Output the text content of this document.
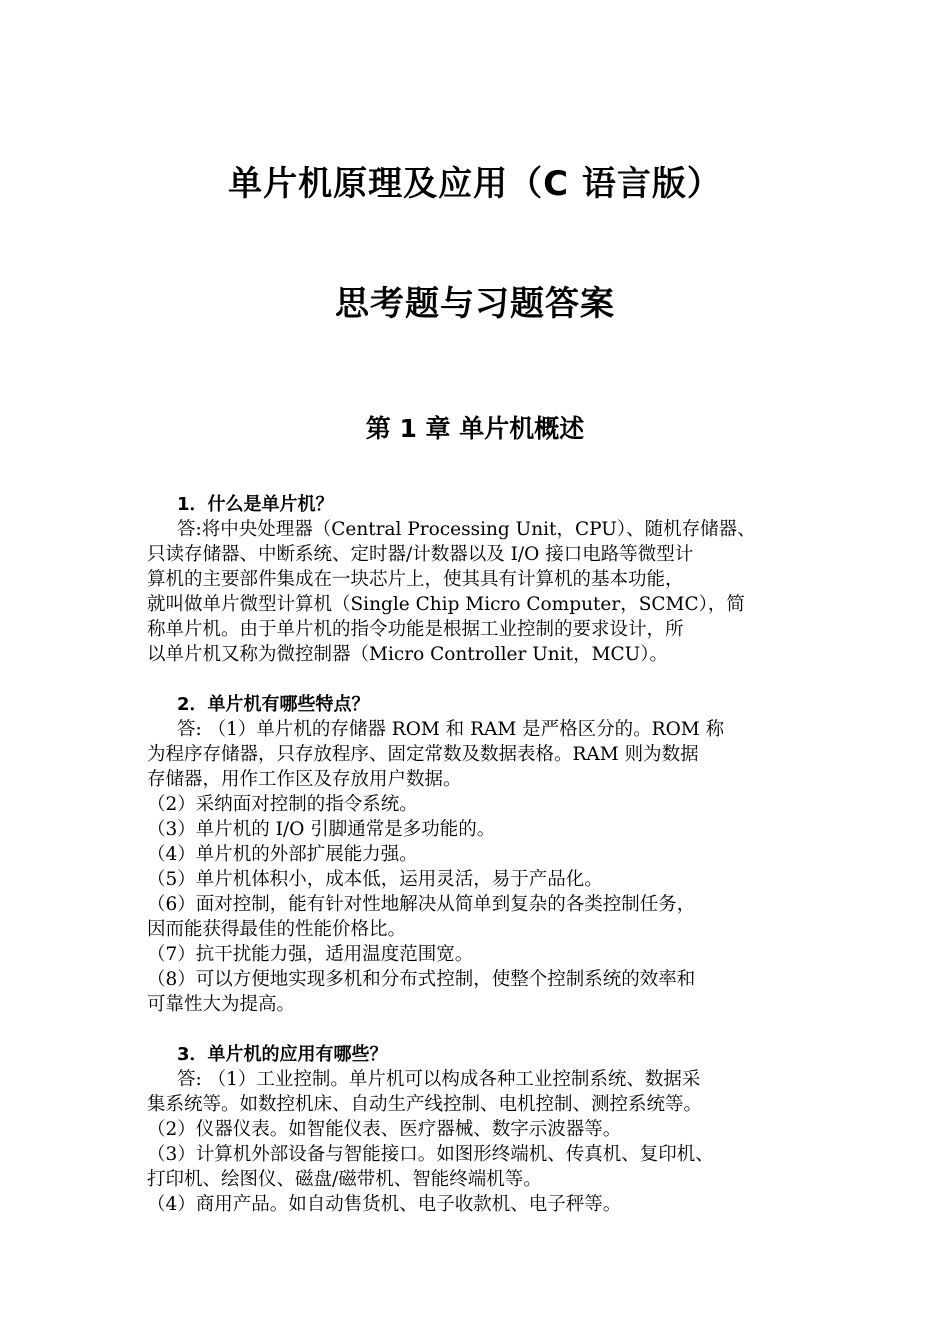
单片机原理及应用（C 语言版）
思考题与习题答案
第 1 章 单片机概述

1．什么是单片机？

答:将中央处理器（Central Processing Unit，CPU）、随机存储器、

只读存储器、中断系统、定时器/计数器以及 I/O 接口电路等微型计

算机的主要部件集成在一块芯片上，使其具有计算机的基本功能，

就叫做单片微型计算机（Single Chip Micro Computer，SCMC），简

称单片机。由于单片机的指令功能是根据工业控制的要求设计，所

以单片机又称为微控制器（Micro Controller Unit，MCU）。

2．单片机有哪些特点？

答: （1）单片机的存储器 ROM 和 RAM 是严格区分的。ROM 称

为程序存储器，只存放程序、固定常数及数据表格。RAM 则为数据

存储器，用作工作区及存放用户数据。

（2）采纳面对控制的指令系统。

（3）单片机的 I/O 引脚通常是多功能的。

（4）单片机的外部扩展能力强。

（5）单片机体积小，成本低，运用灵活，易于产品化。

（6）面对控制，能有针对性地解决从简单到复杂的各类控制任务，

因而能获得最佳的性能价格比。

（7）抗干扰能力强，适用温度范围宽。

（8）可以方便地实现多机和分布式控制，使整个控制系统的效率和

可靠性大为提高。

3．单片机的应用有哪些？

答: （1）工业控制。单片机可以构成各种工业控制系统、数据采

集系统等。如数控机床、自动生产线控制、电机控制、测控系统等。

（2）仪器仪表。如智能仪表、医疗器械、数字示波器等。

（3）计算机外部设备与智能接口。如图形终端机、传真机、复印机、

打印机、绘图仪、磁盘/磁带机、智能终端机等。

（4）商用产品。如自动售货机、电子收款机、电子秤等。
